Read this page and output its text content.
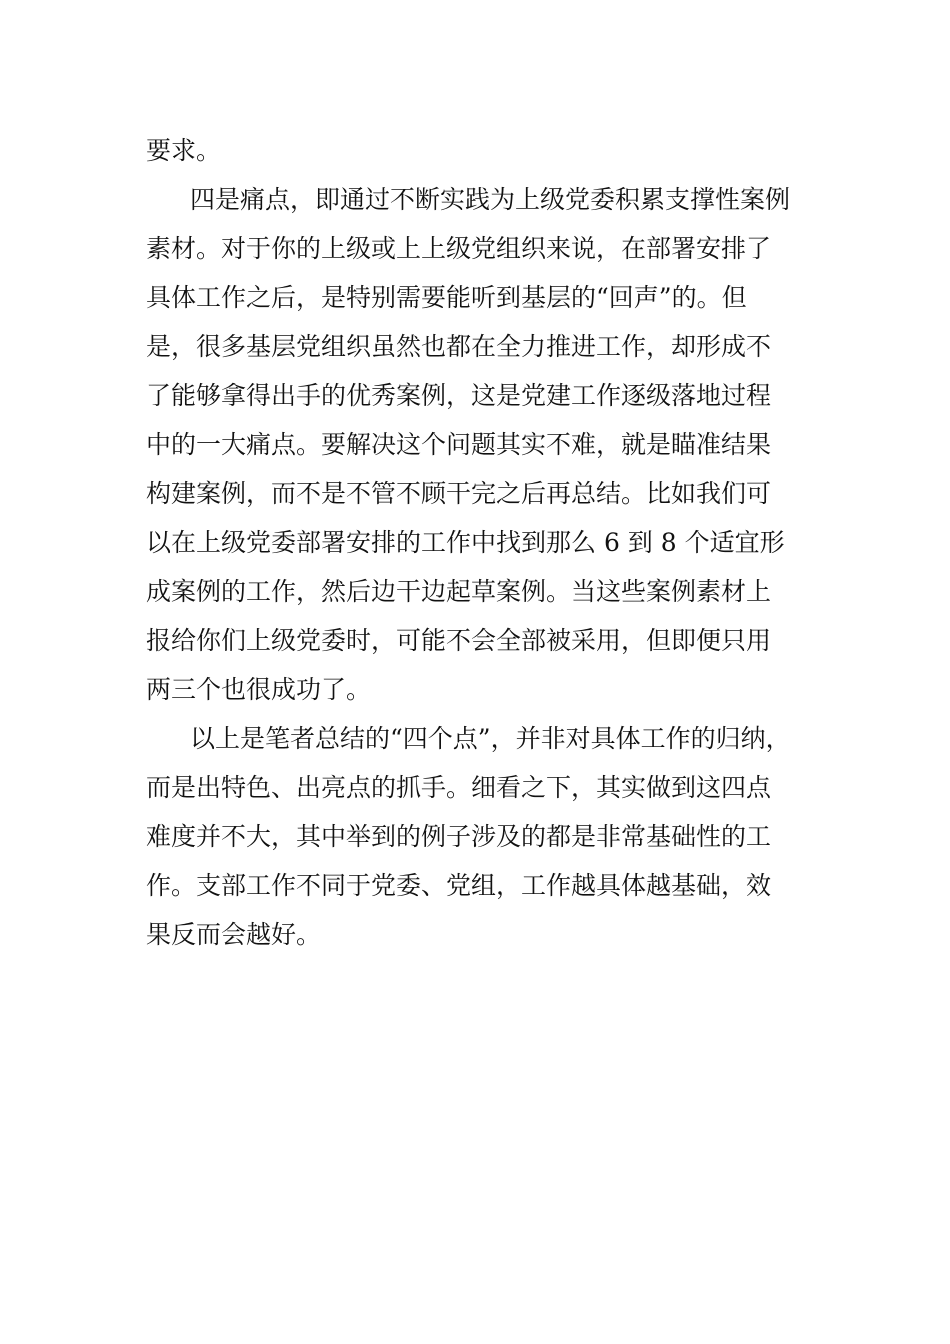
要求。
四是痛点，即通过不断实践为上级党委积累支撑性案例
素材。对于你的上级或上上级党组织来说，在部署安排了
具体工作之后，是特别需要能听到基层的“回声”的。但
是，很多基层党组织虽然也都在全力推进工作，却形成不
了能够拿得出手的优秀案例，这是党建工作逐级落地过程
中的一大痛点。要解决这个问题其实不难，就是瞄准结果
构建案例，而不是不管不顾干完之后再总结。比如我们可
以在上级党委部署安排的工作中找到那么 6 到 8 个适宜形
成案例的工作，然后边干边起草案例。当这些案例素材上
报给你们上级党委时，可能不会全部被采用，但即便只用
两三个也很成功了。
以上是笔者总结的“四个点”，并非对具体工作的归纳，
而是出特色、出亮点的抓手。细看之下，其实做到这四点
难度并不大，其中举到的例子涉及的都是非常基础性的工
作。支部工作不同于党委、党组，工作越具体越基础，效
果反而会越好。
